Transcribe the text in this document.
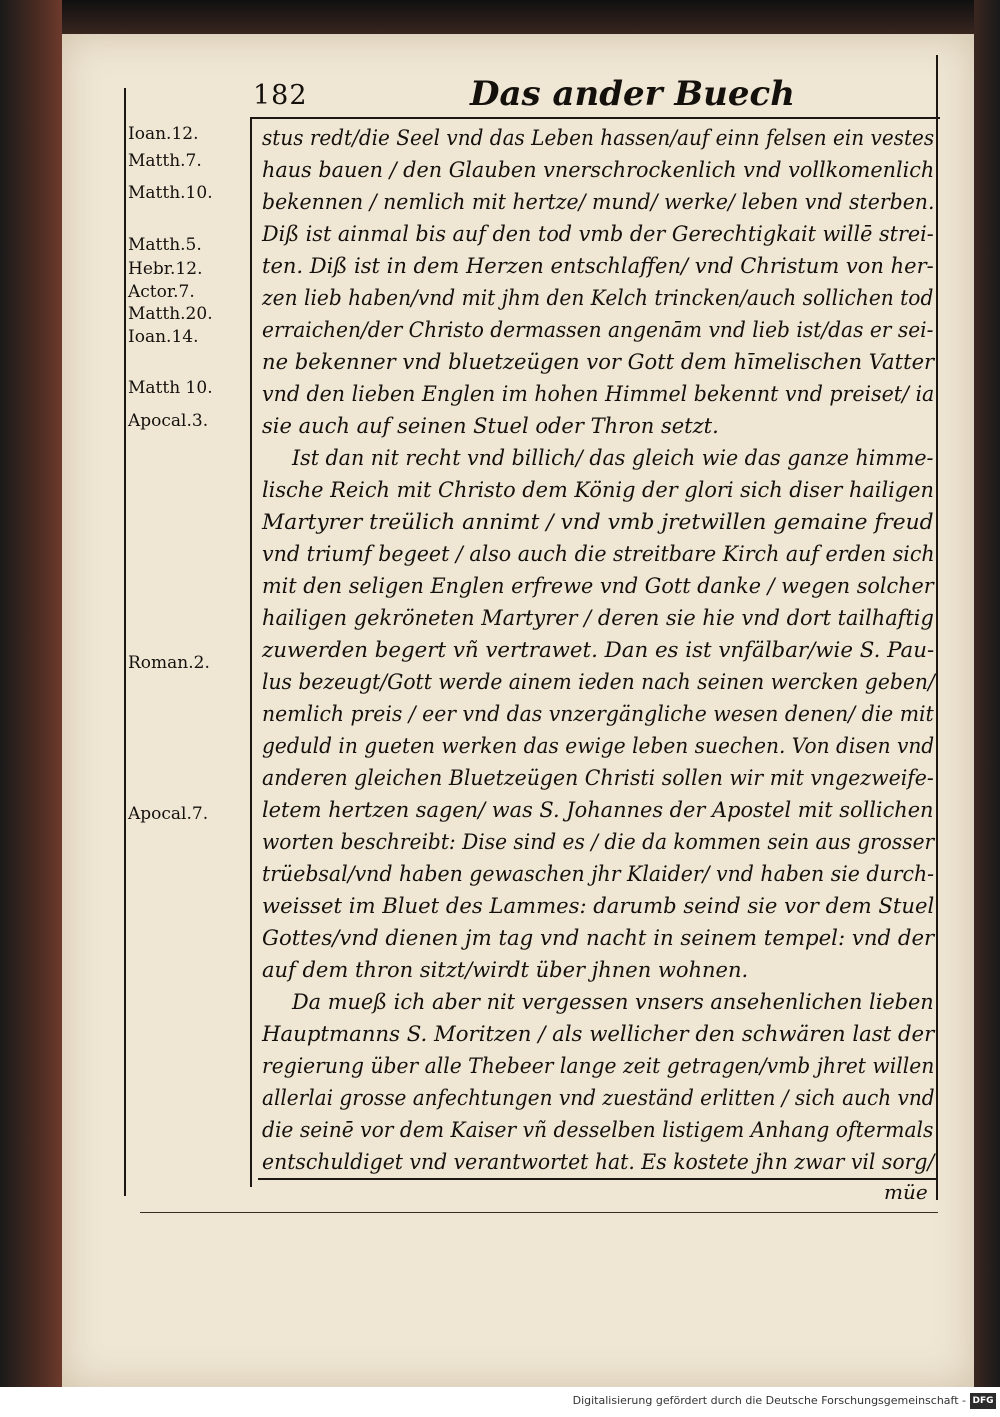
182	Das ander Buech
Ioan.12.
Matth.7.
Matth.10.
Matth.5.
Hebr.12.
Actor.7.
Matth.20.
Ioan.14.
Matth 10.
Apocal.3.
Roman.2.
Apocal.7.
stus redt/die Seel vnd das Leben hassen/auf einn felsen ein vestes
haus bauen / den Glauben vnerschrockenlich vnd vollkomenlich
bekennen / nemlich mit hertze/ mund/ werke/ leben vnd sterben.
Diß ist ainmal bis auf den tod vmb der Gerechtigkait willē strei-
ten. Diß ist in dem Herzen entschlaffen/ vnd Christum von her-
zen lieb haben/vnd mit jhm den Kelch trincken/auch sollichen tod
erraichen/der Christo dermassen angenām vnd lieb ist/das er sei-
ne bekenner vnd bluetzeügen vor Gott dem hīmelischen Vatter
vnd den lieben Englen im hohen Himmel bekennt vnd preiset/ ia
sie auch auf seinen Stuel oder Thron setzt.
Ist dan nit recht vnd billich/ das gleich wie das ganze himme-
lische Reich mit Christo dem König der glori sich diser hailigen
Martyrer treülich annimt / vnd vmb jretwillen gemaine freud
vnd triumf begeet / also auch die streitbare Kirch auf erden sich
mit den seligen Englen erfrewe vnd Gott danke / wegen solcher
hailigen gekröneten Martyrer / deren sie hie vnd dort tailhaftig
zuwerden begert vñ vertrawet. Dan es ist vnfälbar/wie S. Pau-
lus bezeugt/Gott werde ainem ieden nach seinen wercken geben/
nemlich preis / eer vnd das vnzergängliche wesen denen/ die mit
geduld in gueten werken das ewige leben suechen. Von disen vnd
anderen gleichen Bluetzeügen Christi sollen wir mit vngezweife-
letem hertzen sagen/ was S. Johannes der Apostel mit sollichen
worten beschreibt: Dise sind es / die da kommen sein aus grosser
trüebsal/vnd haben gewaschen jhr Klaider/ vnd haben sie durch-
weisset im Bluet des Lammes: darumb seind sie vor dem Stuel
Gottes/vnd dienen jm tag vnd nacht in seinem tempel: vnd der
auf dem thron sitzt/wirdt über jhnen wohnen.
Da mueß ich aber nit vergessen vnsers ansehenlichen lieben
Hauptmanns S. Moritzen / als wellicher den schwären last der
regierung über alle Thebeer lange zeit getragen/vmb jhret willen
allerlai grosse anfechtungen vnd zueständ erlitten / sich auch vnd
die seinē vor dem Kaiser vñ desselben listigem Anhang oftermals
entschuldiget vnd verantwortet hat. Es kostete jhn zwar vil sorg/
müe
Digitalisierung gefördert durch die Deutsche Forschungsgemeinschaft - DFG
